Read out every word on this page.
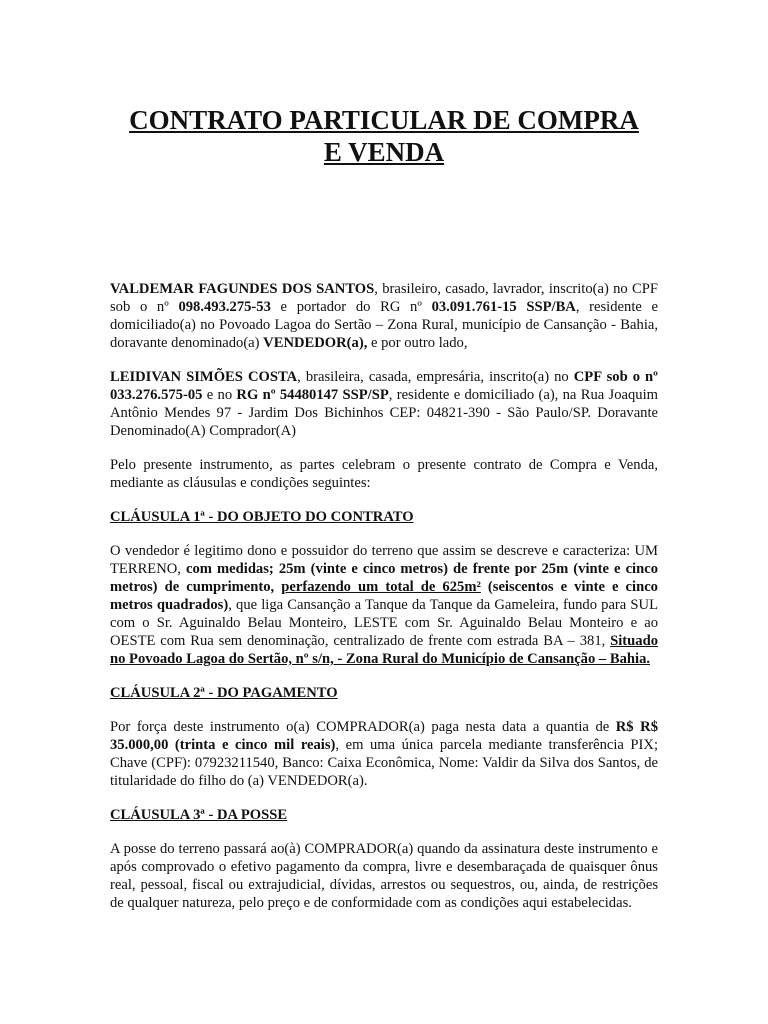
CONTRATO PARTICULAR DE COMPRA
E VENDA

VALDEMAR FAGUNDES DOS SANTOS, brasileiro, casado, lavrador, inscrito(a) no CPF sob o nº 098.493.275-53 e portador do RG nº 03.091.761-15 SSP/BA, residente e domiciliado(a) no Povoado Lagoa do Sertão – Zona Rural, município de Cansanção - Bahia, doravante denominado(a) VENDEDOR(a), e por outro lado,

LEIDIVAN SIMÕES COSTA, brasileira, casada, empresária, inscrito(a) no CPF sob o nº 033.276.575-05 e no RG nº 54480147 SSP/SP, residente e domiciliado (a), na Rua Joaquim Antônio Mendes 97 - Jardim Dos Bichinhos CEP: 04821-390 - São Paulo/SP. Doravante Denominado(A) Comprador(A)

Pelo presente instrumento, as partes celebram o presente contrato de Compra e Venda, mediante as cláusulas e condições seguintes:

CLÁUSULA 1ª - DO OBJETO DO CONTRATO

O vendedor é legitimo dono e possuidor do terreno que assim se descreve e caracteriza: UM TERRENO, com medidas; 25m (vinte e cinco metros) de frente por 25m (vinte e cinco metros) de cumprimento, perfazendo um total de 625m² (seiscentos e vinte e cinco metros quadrados), que liga Cansanção a Tanque da Tanque da Gameleira, fundo para SUL com o Sr. Aguinaldo Belau Monteiro, LESTE com Sr. Aguinaldo Belau Monteiro e ao OESTE com Rua sem denominação, centralizado de frente com estrada BA – 381, Situado no Povoado Lagoa do Sertão, nº s/n, - Zona Rural do Município de Cansanção – Bahia.

CLÁUSULA 2ª - DO PAGAMENTO

Por força deste instrumento o(a) COMPRADOR(a) paga nesta data a quantia de R$ R$ 35.000,00 (trinta e cinco mil reais), em uma única parcela mediante transferência PIX; Chave (CPF): 07923211540, Banco: Caixa Econômica, Nome: Valdir da Silva dos Santos, de titularidade do filho do (a) VENDEDOR(a).

CLÁUSULA 3ª - DA POSSE

A posse do terreno passará ao(à) COMPRADOR(a) quando da assinatura deste instrumento e após comprovado o efetivo pagamento da compra, livre e desembaraçada de quaisquer ônus real, pessoal, fiscal ou extrajudicial, dívidas, arrestos ou sequestros, ou, ainda, de restrições de qualquer natureza, pelo preço e de conformidade com as condições aqui estabelecidas.
